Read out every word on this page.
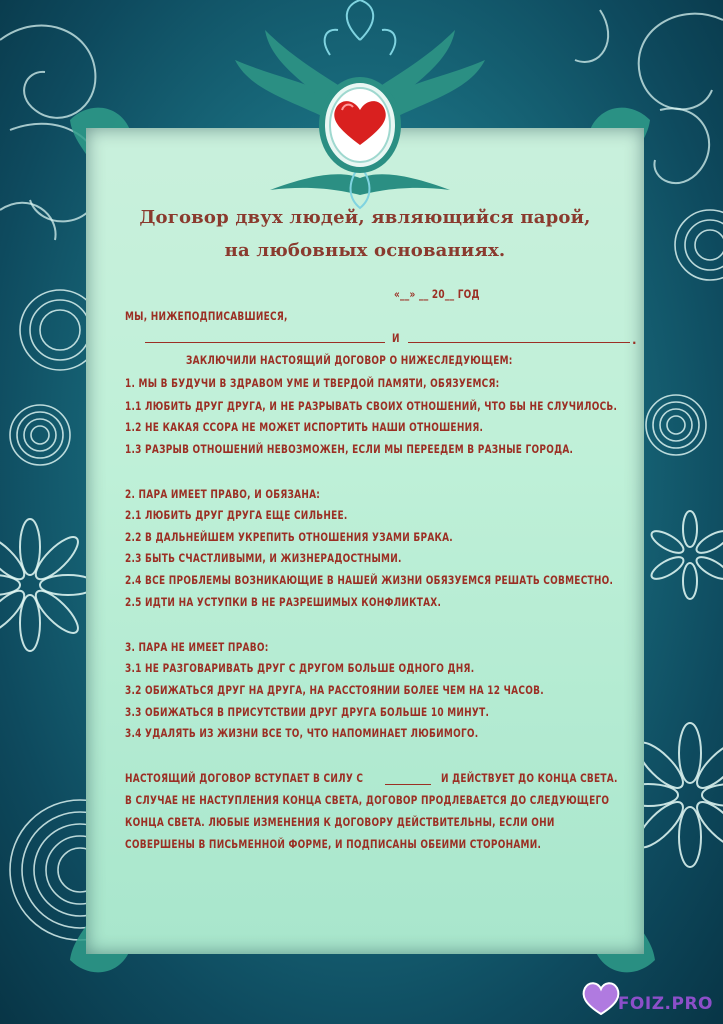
Договор двух людей, являющийся парой,
на любовных основаниях.
«__» __ 20__ ГОД
МЫ, НИЖЕПОДПИСАВШИЕСЯ,
И	.
ЗАКЛЮЧИЛИ НАСТОЯЩИЙ ДОГОВОР О НИЖЕСЛЕДУЮЩЕМ:
1. МЫ В БУДУЧИ В ЗДРАВОМ УМЕ И ТВЕРДОЙ ПАМЯТИ, ОБЯЗУЕМСЯ:
1.1 ЛЮБИТЬ ДРУГ ДРУГА, И НЕ РАЗРЫВАТЬ СВОИХ ОТНОШЕНИЙ, ЧТО БЫ НЕ СЛУЧИЛОСЬ.
1.2 НЕ КАКАЯ ССОРА НЕ МОЖЕТ ИСПОРТИТЬ НАШИ ОТНОШЕНИЯ.
1.3 РАЗРЫВ ОТНОШЕНИЙ НЕВОЗМОЖЕН, ЕСЛИ МЫ ПЕРЕЕДЕМ В РАЗНЫЕ ГОРОДА.
2. ПАРА ИМЕЕТ ПРАВО, И ОБЯЗАНА:
2.1 ЛЮБИТЬ ДРУГ ДРУГА ЕЩЕ СИЛЬНЕЕ.
2.2 В ДАЛЬНЕЙШЕМ УКРЕПИТЬ ОТНОШЕНИЯ УЗАМИ БРАКА.
2.3 БЫТЬ СЧАСТЛИВЫМИ, И ЖИЗНЕРАДОСТНЫМИ.
2.4 ВСЕ ПРОБЛЕМЫ ВОЗНИКАЮЩИЕ В НАШЕЙ ЖИЗНИ ОБЯЗУЕМСЯ РЕШАТЬ СОВМЕСТНО.
2.5 ИДТИ НА УСТУПКИ В НЕ РАЗРЕШИМЫХ КОНФЛИКТАХ.
3. ПАРА НЕ ИМЕЕТ ПРАВО:
3.1 НЕ РАЗГОВАРИВАТЬ ДРУГ С ДРУГОМ БОЛЬШЕ ОДНОГО ДНЯ.
3.2 ОБИЖАТЬСЯ ДРУГ НА ДРУГА, НА РАССТОЯНИИ БОЛЕЕ ЧЕМ НА 12 ЧАСОВ.
3.3 ОБИЖАТЬСЯ В ПРИСУТСТВИИ ДРУГ ДРУГА БОЛЬШЕ 10 МИНУТ.
3.4 УДАЛЯТЬ ИЗ ЖИЗНИ ВСЕ ТО, ЧТО НАПОМИНАЕТ ЛЮБИМОГО.
НАСТОЯЩИЙ ДОГОВОР ВСТУПАЕТ В СИЛУ С	И ДЕЙСТВУЕТ ДО КОНЦА СВЕТА.
В СЛУЧАЕ НЕ НАСТУПЛЕНИЯ КОНЦА СВЕТА, ДОГОВОР ПРОДЛЕВАЕТСЯ ДО СЛЕДУЮЩЕГО
КОНЦА СВЕТА. ЛЮБЫЕ ИЗМЕНЕНИЯ К ДОГОВОРУ ДЕЙСТВИТЕЛЬНЫ, ЕСЛИ ОНИ
СОВЕРШЕНЫ В ПИСЬМЕННОЙ ФОРМЕ, И ПОДПИСАНЫ ОБЕИМИ СТОРОНАМИ.
FOIZ.PRO
